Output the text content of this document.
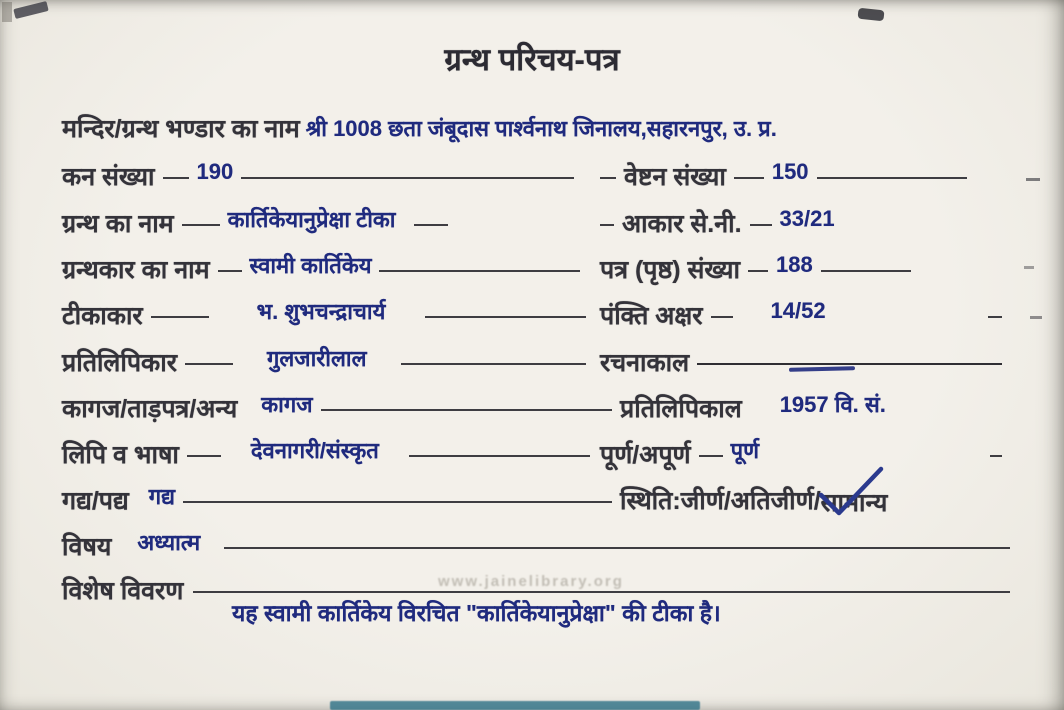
ग्रन्थ परिचय-पत्र
मन्दिर/ग्रन्थ भण्डार का नाम श्री 1008 छता जंबूदास पार्श्वनाथ जिनालय,सहारनपुर, उ. प्र.
कन संख्या 190	वेष्टन संख्या 150
ग्रन्थ का नाम कार्तिकेयानुप्रेक्षा टीका	आकार से.नी. 33/21
ग्रन्थकार का नाम स्वामी कार्तिकेय	पत्र (पृष्ठ) संख्या 188
टीकाकार	भ. शुभचन्द्राचार्य	पंक्ति अक्षर	14/52
प्रतिलिपिकार	गुलजारीलाल	रचनाकाल
कागज/ताड़पत्र/अन्य कागज	प्रतिलिपिकाल 1957 वि. सं.
लिपि व भाषा	देवनागरी/संस्कृत	पूर्ण/अपूर्ण पूर्ण
गद्य/पद्य गद्य	स्थिति:जीर्ण/अतिजीर्ण/ सामान्य
विषय अध्यात्म
www.jainelibrary.org
विशेष विवरण
यह स्वामी कार्तिकेय विरचित "कार्तिकेयानुप्रेक्षा" की टीका है।
